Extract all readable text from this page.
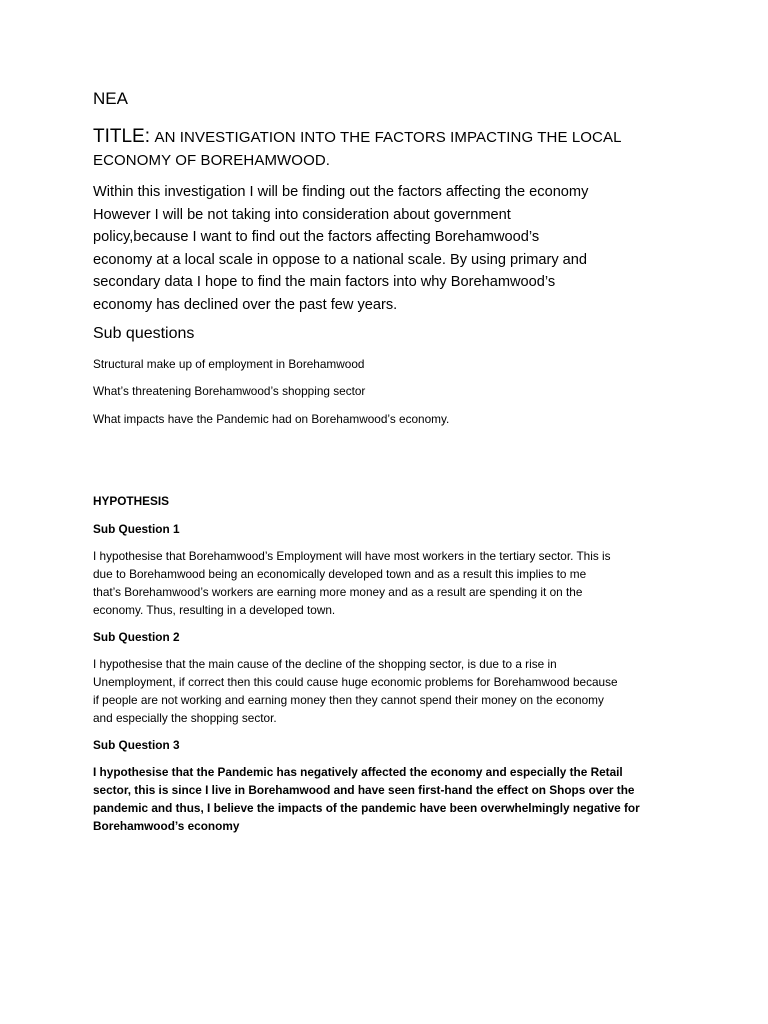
NEA

TITLE: AN INVESTIGATION INTO THE FACTORS IMPACTING THE LOCAL
ECONOMY OF BOREHAMWOOD.
Within this investigation I will be finding out the factors affecting the economy
However I will be not taking into consideration about government
policy,because I want to find out the factors affecting Borehamwood’s
economy at a local scale in oppose to a national scale. By using primary and
secondary data I hope to find the main factors into why Borehamwood’s
economy has declined over the past few years.

Sub questions

Structural make up of employment in Borehamwood

What’s threatening Borehamwood’s shopping sector

What impacts have the Pandemic had on Borehamwood’s economy.

HYPOTHESIS

Sub Question 1

I hypothesise that Borehamwood’s Employment will have most workers in the tertiary sector. This is
due to Borehamwood being an economically developed town and as a result this implies to me
that’s Borehamwood’s workers are earning more money and as a result are spending it on the
economy. Thus, resulting in a developed town.

Sub Question 2

I hypothesise that the main cause of the decline of the shopping sector, is due to a rise in
Unemployment, if correct then this could cause huge economic problems for Borehamwood because
if people are not working and earning money then they cannot spend their money on the economy
and especially the shopping sector.

Sub Question 3

I hypothesise that the Pandemic has negatively affected the economy and especially the Retail
sector, this is since I live in Borehamwood and have seen first-hand the effect on Shops over the
pandemic and thus, I believe the impacts of the pandemic have been overwhelmingly negative for
Borehamwood’s economy
